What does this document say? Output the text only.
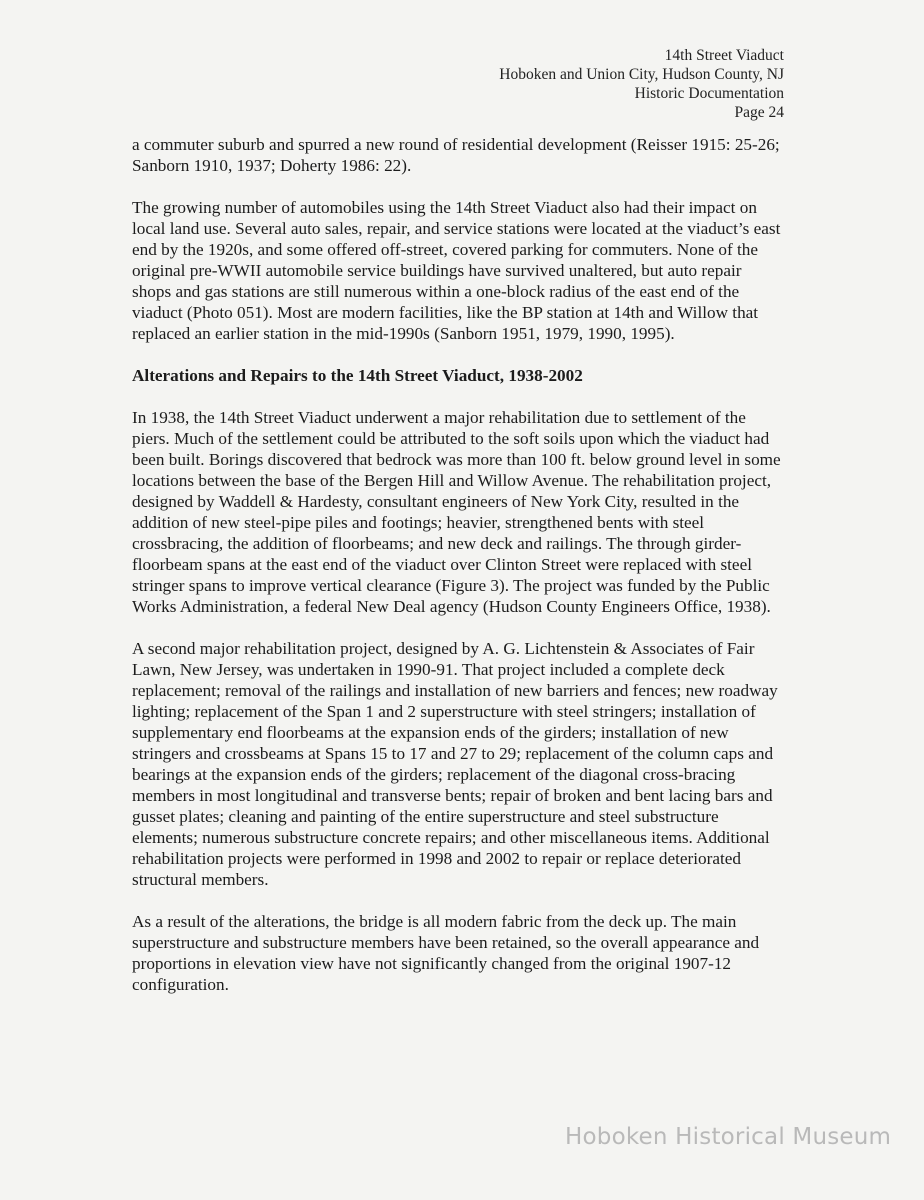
14th Street Viaduct
Hoboken and Union City, Hudson County, NJ
Historic Documentation
Page 24

a commuter suburb and spurred a new round of residential development (Reisser 1915: 25-26; Sanborn 1910, 1937; Doherty 1986: 22).

The growing number of automobiles using the 14th Street Viaduct also had their impact on local land use. Several auto sales, repair, and service stations were located at the viaduct’s east end by the 1920s, and some offered off-street, covered parking for commuters. None of the original pre-WWII automobile service buildings have survived unaltered, but auto repair shops and gas stations are still numerous within a one-block radius of the east end of the viaduct (Photo 051). Most are modern facilities, like the BP station at 14th and Willow that replaced an earlier station in the mid-1990s (Sanborn 1951, 1979, 1990, 1995).

Alterations and Repairs to the 14th Street Viaduct, 1938-2002

In 1938, the 14th Street Viaduct underwent a major rehabilitation due to settlement of the piers. Much of the settlement could be attributed to the soft soils upon which the viaduct had been built. Borings discovered that bedrock was more than 100 ft. below ground level in some locations between the base of the Bergen Hill and Willow Avenue. The rehabilitation project, designed by Waddell & Hardesty, consultant engineers of New York City, resulted in the addition of new steel-pipe piles and footings; heavier, strengthened bents with steel crossbracing, the addition of floorbeams; and new deck and railings. The through girder-floorbeam spans at the east end of the viaduct over Clinton Street were replaced with steel stringer spans to improve vertical clearance (Figure 3). The project was funded by the Public Works Administration, a federal New Deal agency (Hudson County Engineers Office, 1938).

A second major rehabilitation project, designed by A. G. Lichtenstein & Associates of Fair Lawn, New Jersey, was undertaken in 1990-91. That project included a complete deck replacement; removal of the railings and installation of new barriers and fences; new roadway lighting; replacement of the Span 1 and 2 superstructure with steel stringers; installation of supplementary end floorbeams at the expansion ends of the girders; installation of new stringers and crossbeams at Spans 15 to 17 and 27 to 29; replacement of the column caps and bearings at the expansion ends of the girders; replacement of the diagonal cross-bracing members in most longitudinal and transverse bents; repair of broken and bent lacing bars and gusset plates; cleaning and painting of the entire superstructure and steel substructure elements; numerous substructure concrete repairs; and other miscellaneous items. Additional rehabilitation projects were performed in 1998 and 2002 to repair or replace deteriorated structural members.

As a result of the alterations, the bridge is all modern fabric from the deck up. The main superstructure and substructure members have been retained, so the overall appearance and proportions in elevation view have not significantly changed from the original 1907-12 configuration.

Hoboken Historical Museum
